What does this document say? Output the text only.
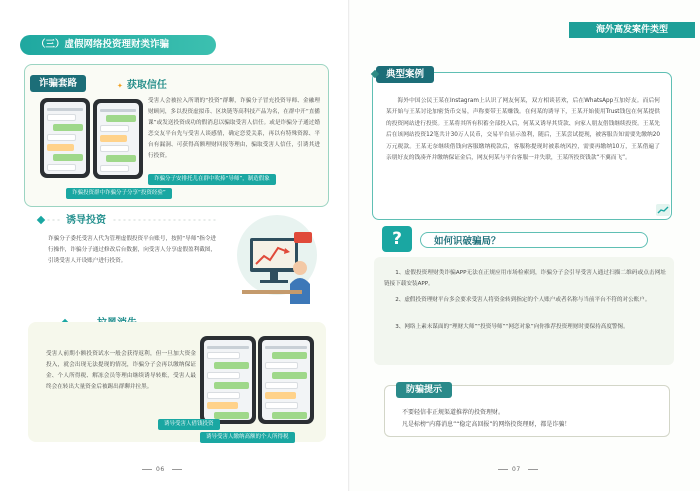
（三）虚假网络投资理财类诈骗
诈骗套路
✦	获取信任
受害人会被拉入所谓的“投资”群聊，诈骗分子冒充投资导师、金融理财顾问，多以投资虚拟币、区块链等高科技产品为名，在群中开“直播课”或发送投资成功的假消息以骗取受害人信任。或是诈骗分子通过婚恋交友平台先与受害人谈感情，确定恋爱关系，再以有特殊资源、平台有漏洞、可获得高额理财回报等理由，骗取受害人信任，引诱其进行投资。
诈骗分子安排托儿在群中吹捧“导师”，制造假象
诈骗投资群中诈骗分子分享“投资经验”
诱导投资
诈骗分子委托受害人代为管理虚假投资平台账号，按照“导师”指令进行操作，诈骗分子通过修改后台数据，向受害人分享虚假盈利截图，引诱受害人开设账户进行投资。
受害人前期小额投资试水一般会获得返利，但一旦加大资金投入，就会出现无法提现的情况，诈骗分子会再以缴纳保证金、个人所得税、解冻会员等理由继续诱导转账，受害人最终会在转出大量资金后被踢出群聊并拉黑。
诱导受害人借钱投资
诱导受害人缴纳高额的个人所得税
06
海外高发案件类型
典型案例
海外中国公民王某在Instagram上认识了网友何某，双方相谈甚欢，后在WhatsApp互加好友。而后何某开始与王某讨论加密货币交易，声称要带王某赚钱。在何某的诱导下，王某开始使用Trust钱包在何某提供的投资网站进行投资。王某将其所有积蓄全部投入后，何某又诱导其贷款、向家人朋友借钱继续投资。王某先后在该网站投资12笔共计30万人民币，交易平台显示盈利，随后，王某尝试提现，被客服告知需要先缴纳20万元税款。王某无奈继续借钱向客服缴纳税款后，客服称提现时被系统风控，需要再缴纳10万，王某借遍了亲朋好友的钱凑齐并缴纳保证金后，网友何某与平台客服一并失联，王某所投资钱款“不翼而飞”。
?	如何识破骗局？
1、虚假投资理财类诈骗APP无法在正规应用市场检索到，诈骗分子会引导受害人通过扫描二维码或点击网址链接下载安装APP。
2、虚假投资理财平台多会要求受害人将资金转到指定的个人账户或者名称与当前平台不符的对公账户。
3、网络上素未谋面的“理财大师”“投资导师”“网恋对象”向你推荐投资理财时要保持高度警惕。
防骗提示
不要轻信非正规渠道推荐的投资理财。
凡是标榜“内幕消息”“稳定高回报”的网络投资理财，都是诈骗！
07
